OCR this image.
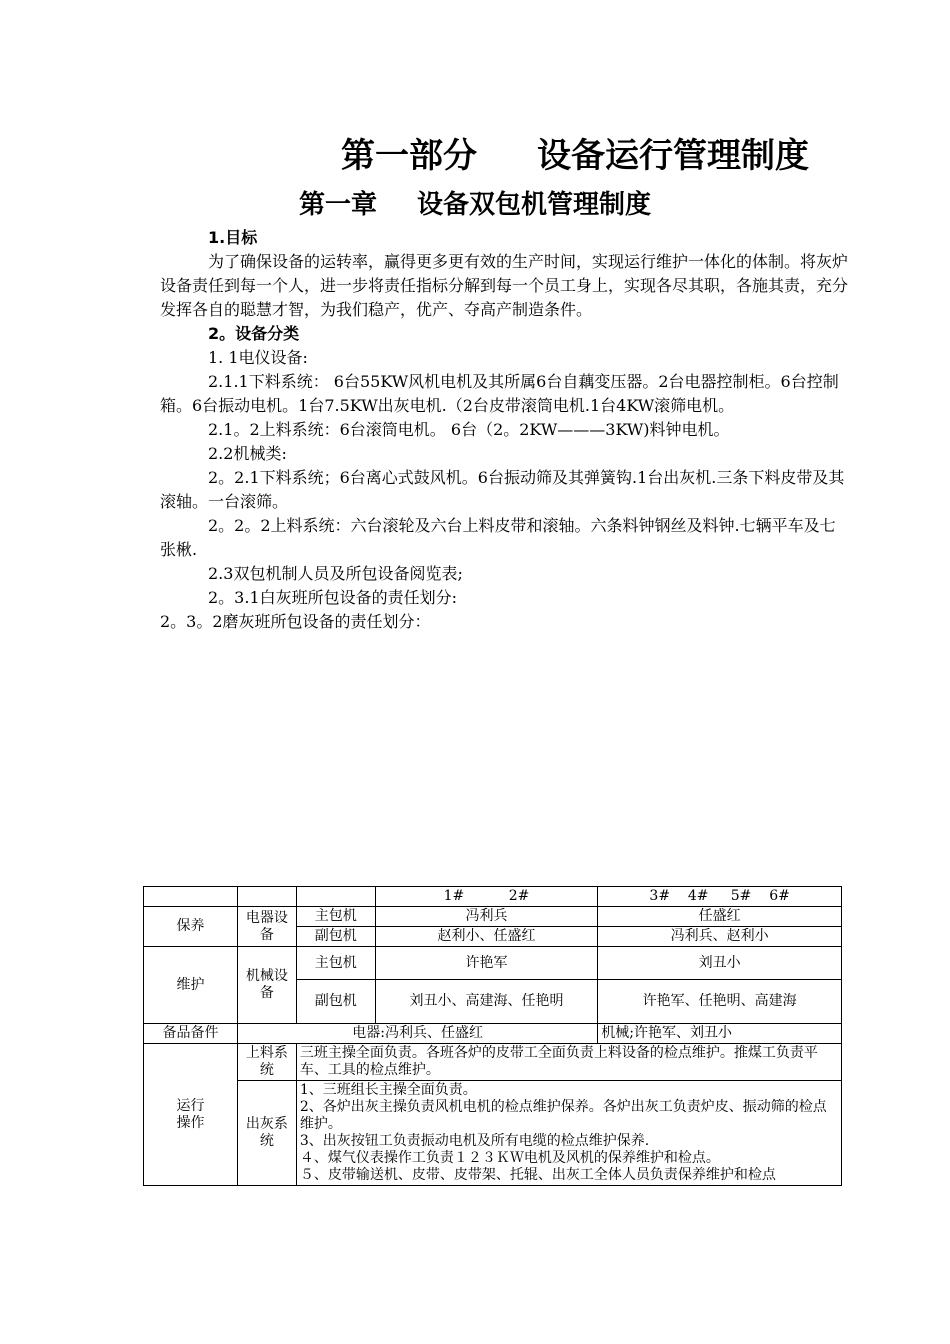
第一部分 设备运行管理制度
第一章 设备双包机管理制度

1.目标

为了确保设备的运转率，赢得更多更有效的生产时间，实现运行维护一体化的体制。将灰炉设备责任到每一个人，进一步将责任指标分解到每一个员工身上，实现各尽其职，各施其责，充分发挥各自的聪慧才智，为我们稳产，优产、夺高产制造条件。

2。设备分类

1. 1电仪设备:

2.1.1下料系统： 6台55KW风机电机及其所属6台自藕变压器。2台电器控制柜。6台控制箱。6台振动电机。1台7.5KW出灰电机.（2台皮带滚筒电机.1台4KW滚筛电机。

2.1。2上料系统：6台滚筒电机。 6台（2。2KW———3KW)料钟电机。

2.2机械类:

2。2.1下料系统；6台离心式鼓风机。6台振动筛及其弹簧钩.1台出灰机.三条下料皮带及其滚轴。一台滚筛。

2。2。2上料系统：六台滚轮及六台上料皮带和滚轴。六条料钟钢丝及料钟.七辆平车及七张楸.

2.3双包机制人员及所包设备阅览表;

2。3.1白灰班所包设备的责任划分:

2。3。2磨灰班所包设备的责任划分：

			1#          2#	3#    4#     5#    6#
保养	电器设备	主包机	冯利兵	任盛红
		副包机	赵利小、任盛红	冯利兵、赵利小
维护	机械设备	主包机	许艳军	刘丑小
		副包机	刘丑小、高建海、任艳明	许艳军、任艳明、高建海
备品备件	电器:冯利兵、任盛红			机械;许艳军、刘丑小
运行操作	上料系统	三班主操全面负责。各班各炉的皮带工全面负责上料设备的检点维护。推煤工负责平车、工具的检点维护。		
	出灰系统	1、三班组长主操全面负责。
2、各炉出灰主操负责风机电机的检点维护保养。各炉出灰工负责炉皮、振动筛的检点维护。
3、出灰按钮工负责振动电机及所有电缆的检点维护保养.
４、煤气仪表操作工负责１２３ＫＷ电机及风机的保养维护和检点。
５、皮带输送机、皮带、皮带架、托辊、出灰工全体人员负责保养维护和检点		
